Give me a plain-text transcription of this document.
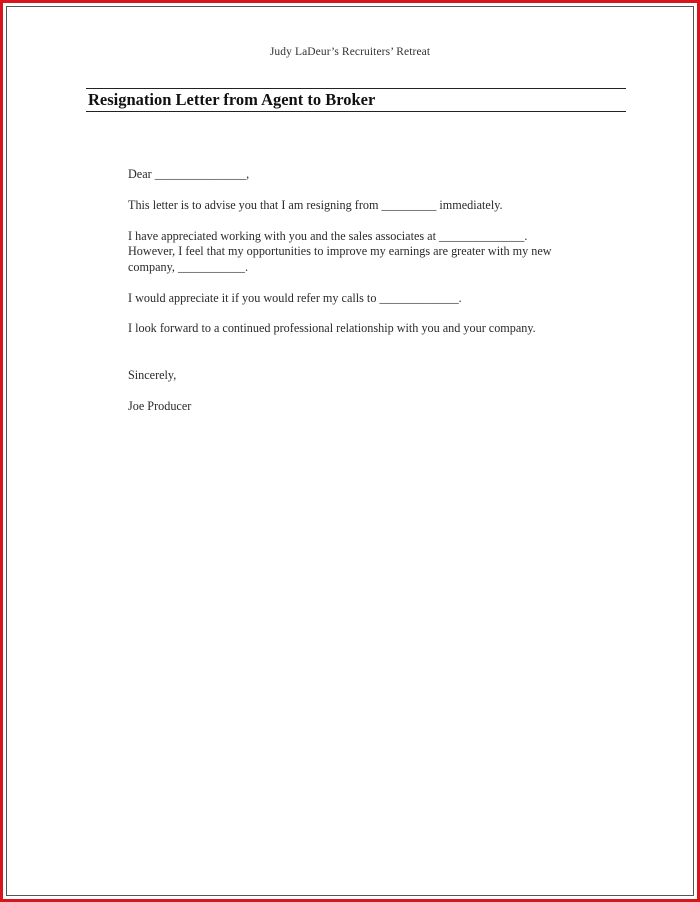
Judy LaDeur’s Recruiters’ Retreat
Resignation Letter from Agent to Broker

Dear _______________,

This letter is to advise you that I am resigning from _________ immediately.

I have appreciated working with you and the sales associates at ______________.

However, I feel that my opportunities to improve my earnings are greater with my new

company, ___________.

I would appreciate it if you would refer my calls to _____________.

I look forward to a continued professional relationship with you and your company.

Sincerely,

Joe Producer
